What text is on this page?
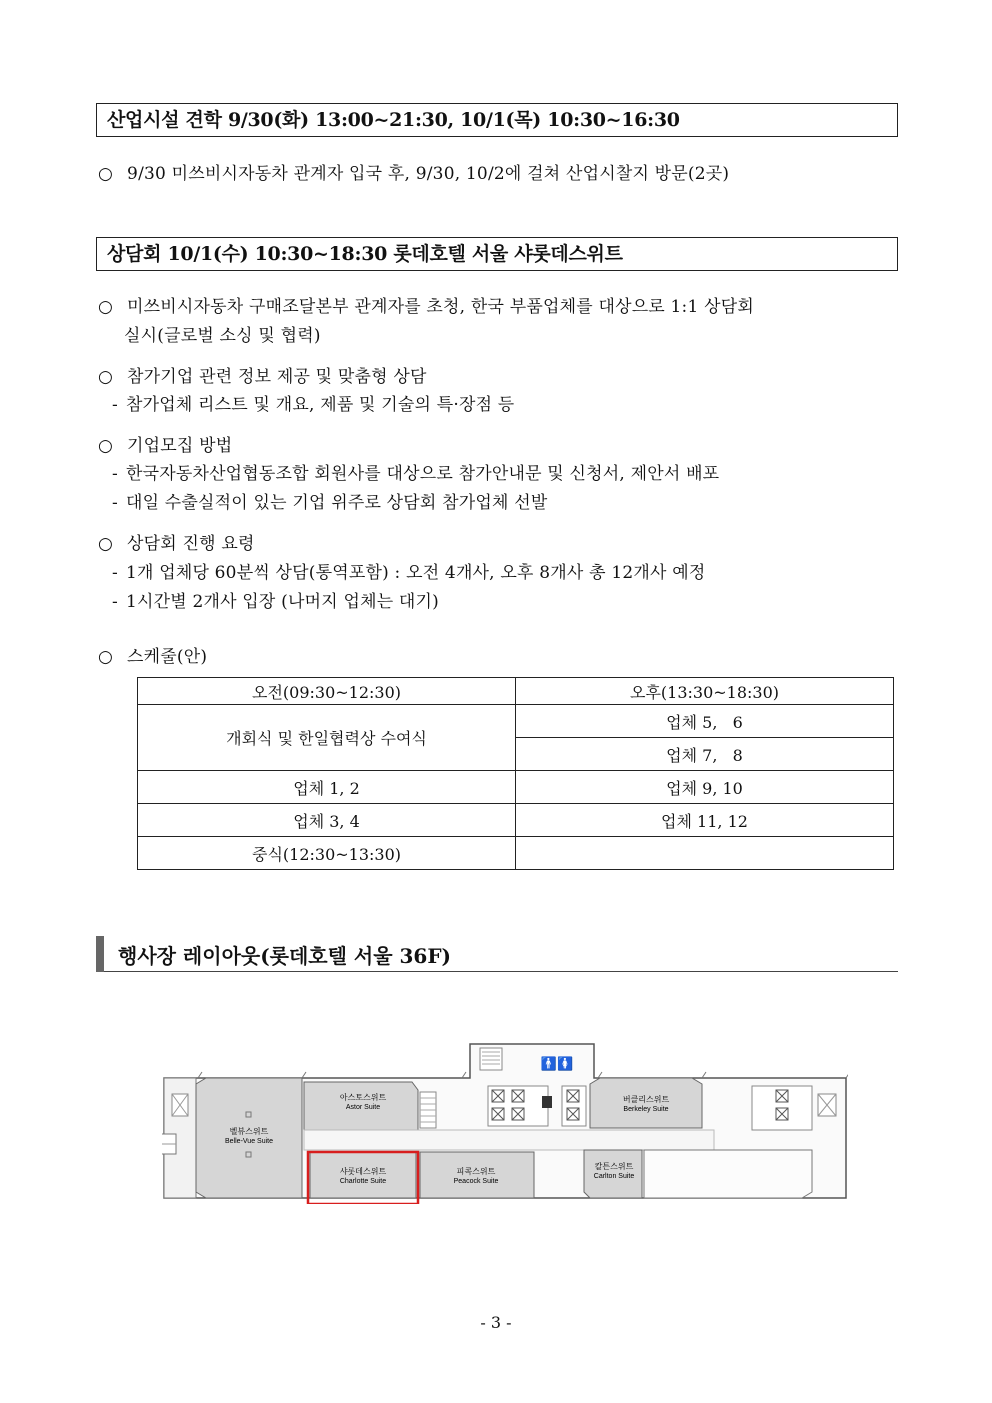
산업시설 견학 9/30(화) 13:00~21:30, 10/1(목) 10:30~16:30
○ 9/30 미쓰비시자동차 관계자 입국 후, 9/30, 10/2에 걸쳐 산업시찰지 방문(2곳)
상담회 10/1(수) 10:30~18:30 롯데호텔 서울 샤롯데스위트
○ 미쓰비시자동차 구매조달본부 관계자를 초청, 한국 부품업체를 대상으로 1:1 상담회
실시(글로벌 소싱 및 협력)
○ 참가기업 관련 정보 제공 및 맞춤형 상담
- 참가업체 리스트 및 개요, 제품 및 기술의 특·장점 등
○ 기업모집 방법
- 한국자동차산업협동조합 회원사를 대상으로 참가안내문 및 신청서, 제안서 배포
- 대일 수출실적이 있는 기업 위주로 상담회 참가업체 선발
○ 상담회 진행 요령
- 1개 업체당 60분씩 상담(통역포함) : 오전 4개사, 오후 8개사 총 12개사 예정
- 1시간별 2개사 입장 (나머지 업체는 대기)
○ 스케줄(안)
오전(09:30~12:30)	오후(13:30~18:30)
개회식 및 한일협력상 수여식	업체 5,   6
	업체 7,   8
업체 1, 2	업체 9, 10
업체 3, 4	업체 11, 12
중식(12:30~13:30)	
행사장 레이아웃(롯데호텔 서울 36F)
벨뷰스위트
Belle-Vue Suite
아스토스위트
Astor Suite
샤롯데스위트
Charlotte Suite
피콕스위트
Peacock Suite
🚹🚺
버클리스위트
Berkeley Suite
칼튼스위트
Carlton Suite
- 3 -
